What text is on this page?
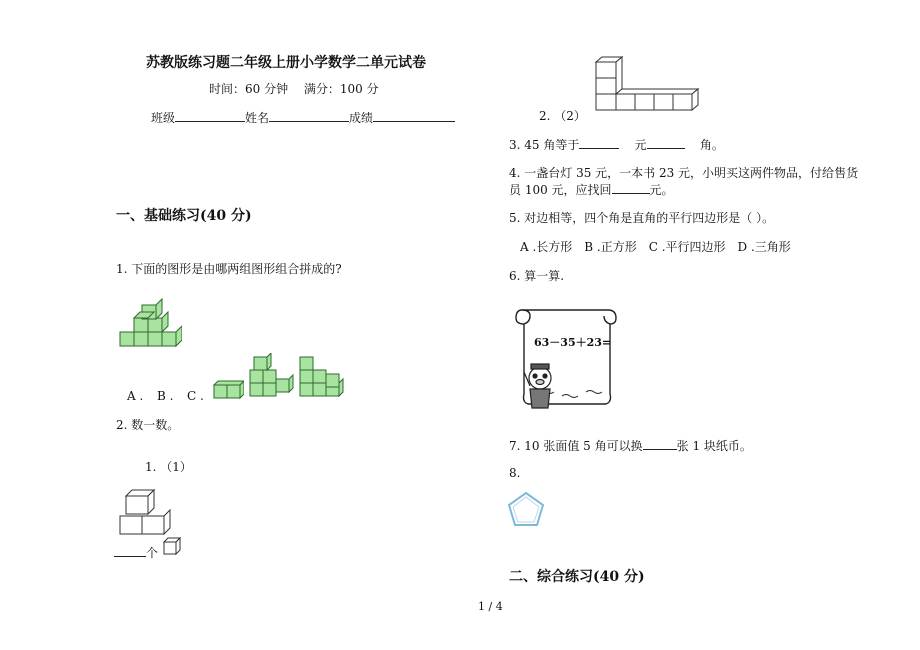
苏教版练习题二年级上册小学数学二单元试卷
时间：60 分钟　 满分：100 分
班级	姓名	成绩
一、基础练习(40 分)
1. 下面的图形是由哪两组图形组合拼成的?
A . B . C .
2. 数一数。
1. （1）
个
2. （2）
3. 45 角等于	元	角。
4. 一盏台灯 35 元，一本书 23 元，小明买这两件物品，付给售货
员 100 元，应找回	元。
5. 对边相等，四个角是直角的平行四边形是（ ）。
A .长方形　B .正方形　C .平行四边形　D .三角形
6. 算一算.
63－35＋23=
7. 10 张面值 5 角可以换	张 1 块纸币。
8.
二、综合练习(40 分)
1 / 4
